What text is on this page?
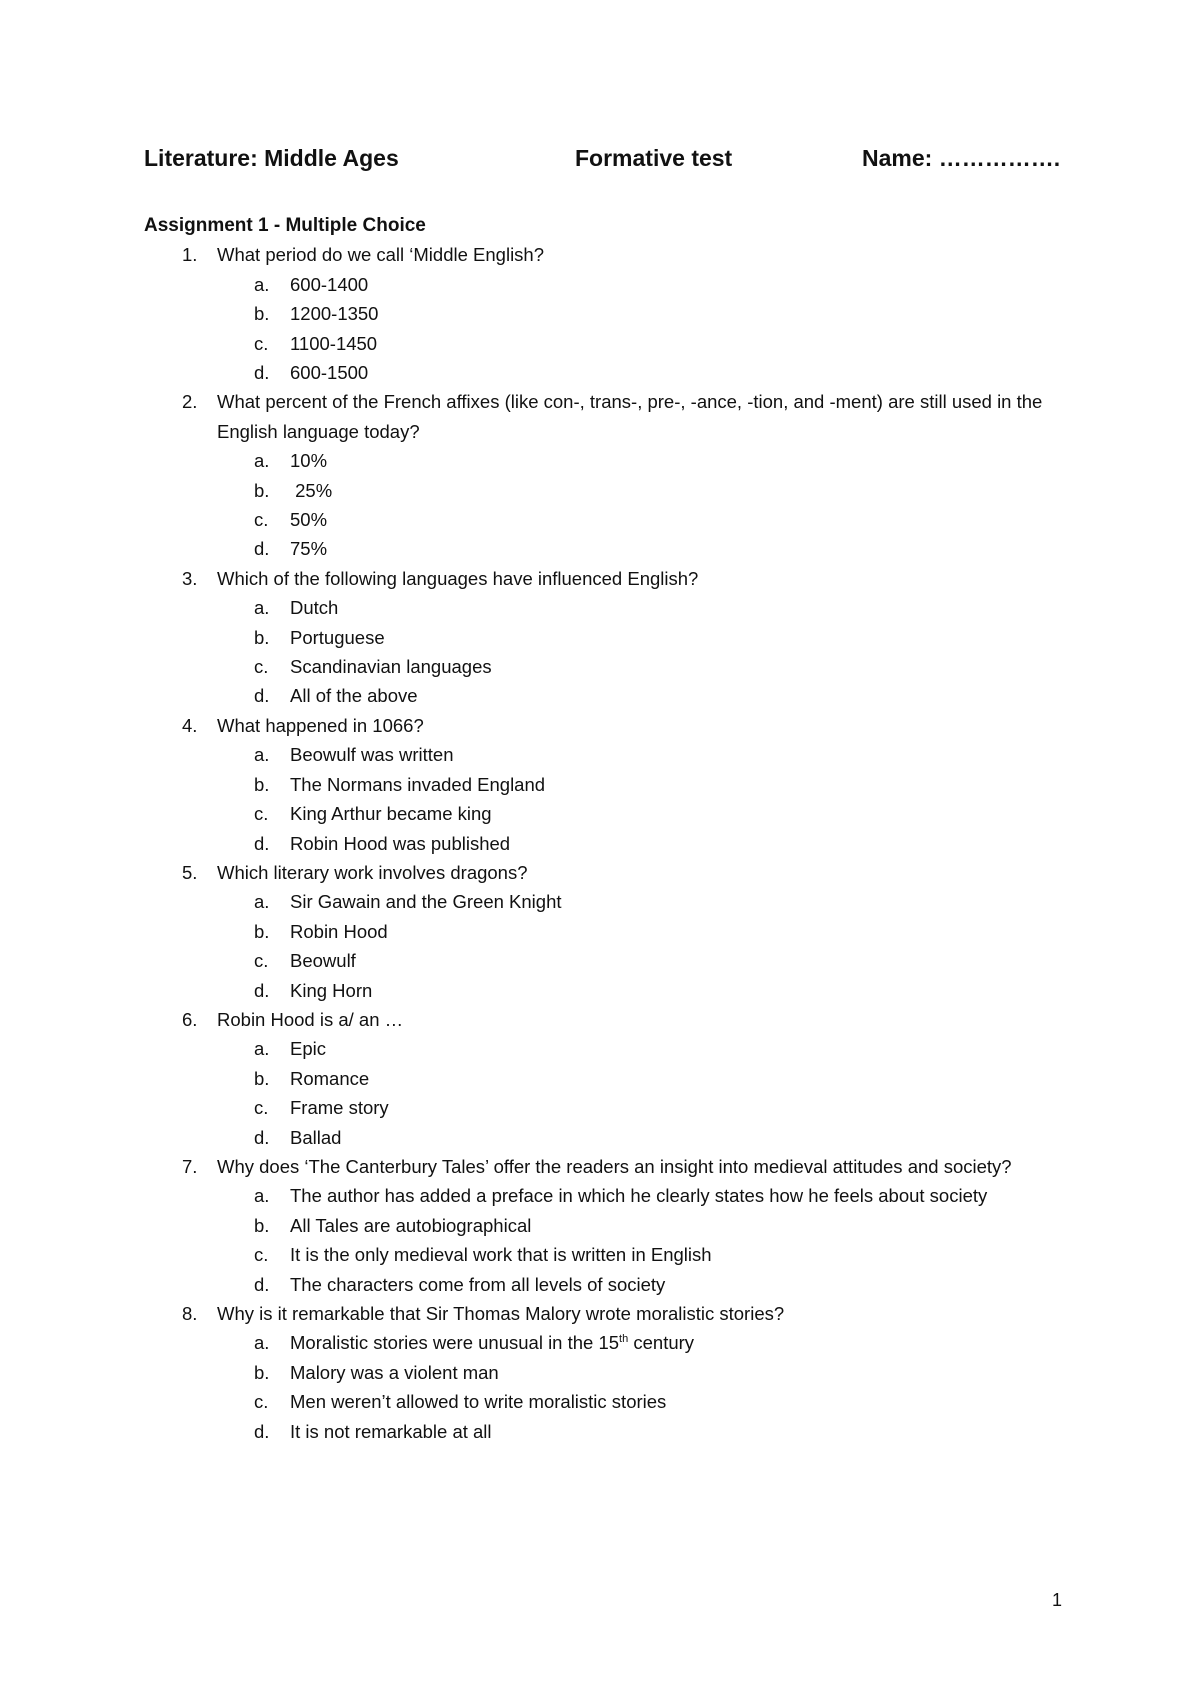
Literature: Middle Ages	Formative test	Name: …………….
Assignment 1 - Multiple Choice
1. What period do we call ‘Middle English?
a. 600-1400
b. 1200-1350
c. 1100-1450
d. 600-1500
2. What percent of the French affixes (like con-, trans-, pre-, -ance, -tion, and -ment) are still used in the English language today?
a. 10%
b. 25%
c. 50%
d. 75%
3. Which of the following languages have influenced English?
a. Dutch
b. Portuguese
c. Scandinavian languages
d. All of the above
4. What happened in 1066?
a. Beowulf was written
b. The Normans invaded England
c. King Arthur became king
d. Robin Hood was published
5. Which literary work involves dragons?
a. Sir Gawain and the Green Knight
b. Robin Hood
c. Beowulf
d. King Horn
6. Robin Hood is a/ an …
a. Epic
b. Romance
c. Frame story
d. Ballad
7. Why does ‘The Canterbury Tales’ offer the readers an insight into medieval attitudes and society?
a. The author has added a preface in which he clearly states how he feels about society
b. All Tales are autobiographical
c. It is the only medieval work that is written in English
d. The characters come from all levels of society
8. Why is it remarkable that Sir Thomas Malory wrote moralistic stories?
a. Moralistic stories were unusual in the 15th century
b. Malory was a violent man
c. Men weren’t allowed to write moralistic stories
d. It is not remarkable at all
1
